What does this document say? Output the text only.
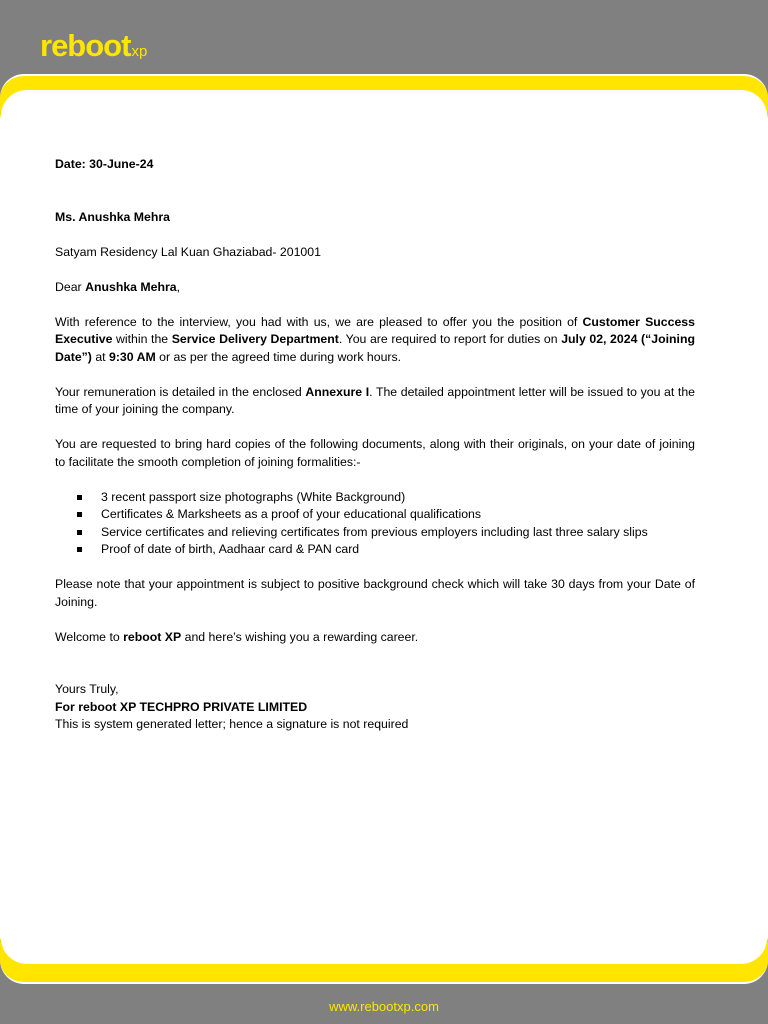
rebootxp
www.rebootxp.com

Date: 30-June-24

Ms. Anushka Mehra

Satyam Residency Lal Kuan Ghaziabad- 201001

Dear Anushka Mehra,

With reference to the interview, you had with us, we are pleased to offer you the position of Customer Success Executive within the Service Delivery Department. You are required to report for duties on July 02, 2024 (“Joining Date”) at 9:30 AM or as per the agreed time during work hours.

Your remuneration is detailed in the enclosed Annexure I. The detailed appointment letter will be issued to you at the time of your joining the company.

You are requested to bring hard copies of the following documents, along with their originals, on your date of joining to facilitate the smooth completion of joining formalities:-

3 recent passport size photographs (White Background)
Certificates & Marksheets as a proof of your educational qualifications
Service certificates and relieving certificates from previous employers including last three salary slips
Proof of date of birth, Aadhaar card & PAN card

Please note that your appointment is subject to positive background check which will take 30 days from your Date of Joining.

Welcome to reboot XP and here’s wishing you a rewarding career.

Yours Truly,

For reboot XP TECHPRO PRIVATE LIMITED

This is system generated letter; hence a signature is not required
